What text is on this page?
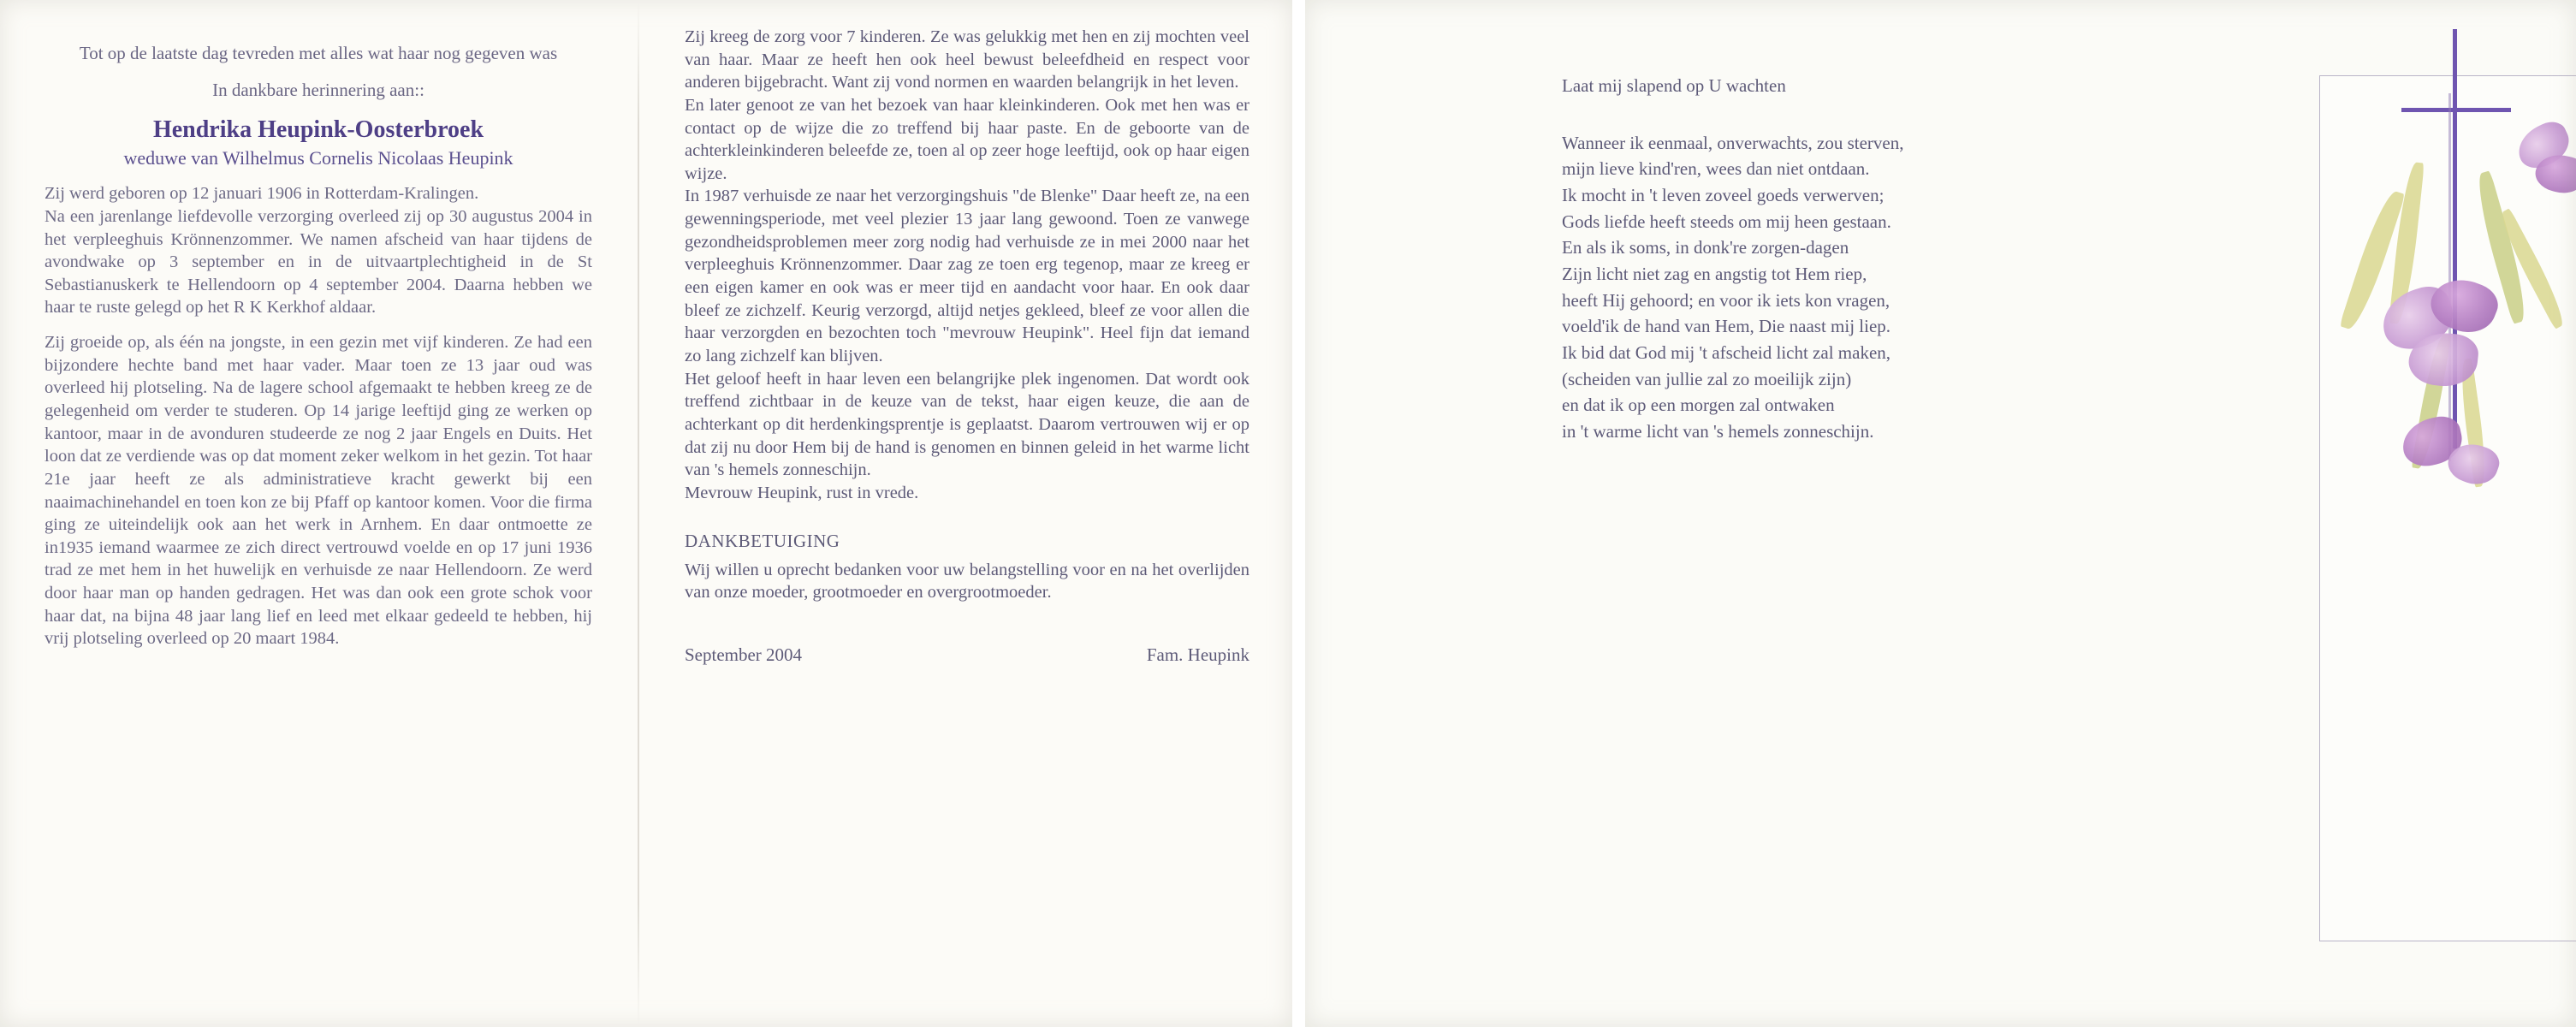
Tot op de laatste dag tevreden met alles wat haar nog gegeven was
In dankbare herinnering aan::
Hendrika Heupink-Oosterbroek
weduwe van Wilhelmus Cornelis Nicolaas Heupink

Zij werd geboren op 12 januari 1906 in Rotterdam-Kralingen.

Na een jarenlange liefdevolle verzorging overleed zij op 30 augustus 2004 in het verpleeghuis Krönnenzommer. We namen afscheid van haar tijdens de avondwake op 3 september en in de uitvaartplechtigheid in de St Sebastianuskerk te Hellendoorn op 4 september 2004. Daarna hebben we haar te ruste gelegd op het R K Kerkhof aldaar.

Zij groeide op, als één na jongste, in een gezin met vijf kinderen. Ze had een bijzondere hechte band met haar vader. Maar toen ze 13 jaar oud was overleed hij plotseling. Na de lagere school afgemaakt te hebben kreeg ze de gelegenheid om verder te studeren. Op 14 jarige leeftijd ging ze werken op kantoor, maar in de avonduren studeerde ze nog 2 jaar Engels en Duits. Het loon dat ze verdiende was op dat moment zeker welkom in het gezin. Tot haar 21e jaar heeft ze als administratieve kracht gewerkt bij een naaimachinehandel en toen kon ze bij Pfaff op kantoor komen. Voor die firma ging ze uiteindelijk ook aan het werk in Arnhem. En daar ontmoette ze in1935 iemand waarmee ze zich direct vertrouwd voelde en op 17 juni 1936 trad ze met hem in het huwelijk en verhuisde ze naar Hellendoorn. Ze werd door haar man op handen gedragen. Het was dan ook een grote schok voor haar dat, na bijna 48 jaar lang lief en leed met elkaar gedeeld te hebben, hij vrij plotseling overleed op 20 maart 1984.

Zij kreeg de zorg voor 7 kinderen. Ze was gelukkig met hen en zij mochten veel van haar. Maar ze heeft hen ook heel bewust beleefdheid en respect voor anderen bijgebracht. Want zij vond normen en waarden belangrijk in het leven.

En later genoot ze van het bezoek van haar kleinkinderen. Ook met hen was er contact op de wijze die zo treffend bij haar paste. En de geboorte van de achterkleinkinderen beleefde ze, toen al op zeer hoge leeftijd, ook op haar eigen wijze.

In 1987 verhuisde ze naar het verzorgingshuis "de Blenke" Daar heeft ze, na een gewenningsperiode, met veel plezier 13 jaar lang gewoond. Toen ze vanwege gezondheidsproblemen meer zorg nodig had verhuisde ze in mei 2000 naar het verpleeghuis Krönnenzommer. Daar zag ze toen erg tegenop, maar ze kreeg er een eigen kamer en ook was er meer tijd en aandacht voor haar. En ook daar bleef ze zichzelf. Keurig verzorgd, altijd netjes gekleed, bleef ze voor allen die haar verzorgden en bezochten toch "mevrouw Heupink". Heel fijn dat iemand zo lang zichzelf kan blijven.

Het geloof heeft in haar leven een belangrijke plek ingenomen. Dat wordt ook treffend zichtbaar in de keuze van de tekst, haar eigen keuze, die aan de achterkant op dit herdenkingsprentje is geplaatst. Daarom vertrouwen wij er op dat zij nu door Hem bij de hand is genomen en binnen geleid in het warme licht van 's hemels zonneschijn.

Mevrouw Heupink, rust in vrede.

DANKBETUIGING

Wij willen u oprecht bedanken voor uw belangstelling voor en na het overlijden van onze moeder, grootmoeder en overgrootmoeder.

September 2004	Fam. Heupink
Laat mij slapend op U wachten
Wanneer ik eenmaal, onverwachts, zou sterven,
mijn lieve kind'ren, wees dan niet ontdaan.
Ik mocht in 't leven zoveel goeds verwerven;
Gods liefde heeft steeds om mij heen gestaan.
En als ik soms, in donk're zorgen-dagen
Zijn licht niet zag en angstig tot Hem riep,
heeft Hij gehoord; en voor ik iets kon vragen,
voeld'ik de hand van Hem, Die naast mij liep.
Ik bid dat God mij 't afscheid licht zal maken,
(scheiden van jullie zal zo moeilijk zijn)
en dat ik op een morgen zal ontwaken
in 't warme licht van 's hemels zonneschijn.
